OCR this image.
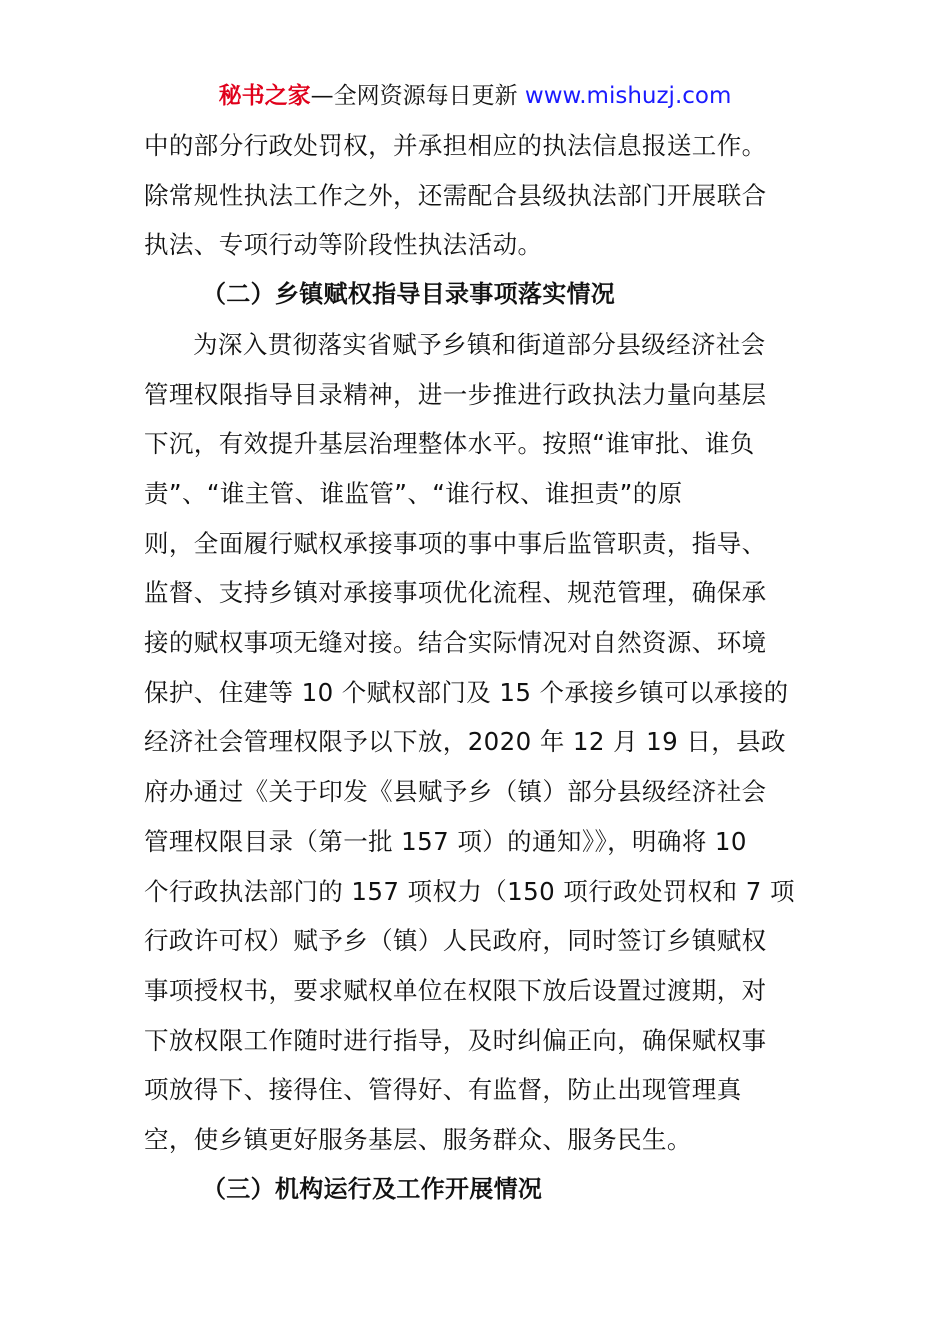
秘书之家—全网资源每日更新 www.mishuzj.com

中的部分行政处罚权，并承担相应的执法信息报送工作。
除常规性执法工作之外，还需配合县级执法部门开展联合
执法、专项行动等阶段性执法活动。

（二）乡镇赋权指导目录事项落实情况

为深入贯彻落实省赋予乡镇和街道部分县级经济社会
管理权限指导目录精神，进一步推进行政执法力量向基层
下沉，有效提升基层治理整体水平。按照“谁审批、谁负
责”、“谁主管、谁监管”、“谁行权、谁担责”的原
则，全面履行赋权承接事项的事中事后监管职责，指导、
监督、支持乡镇对承接事项优化流程、规范管理，确保承
接的赋权事项无缝对接。结合实际情况对自然资源、环境
保护、住建等 10 个赋权部门及 15 个承接乡镇可以承接的
经济社会管理权限予以下放，2020 年 12 月 19 日，县政
府办通过《关于印发《县赋予乡（镇）部分县级经济社会
管理权限目录（第一批 157 项）的通知》》，明确将 10
个行政执法部门的 157 项权力（150 项行政处罚权和 7 项
行政许可权）赋予乡（镇）人民政府，同时签订乡镇赋权
事项授权书，要求赋权单位在权限下放后设置过渡期，对
下放权限工作随时进行指导，及时纠偏正向，确保赋权事
项放得下、接得住、管得好、有监督，防止出现管理真
空，使乡镇更好服务基层、服务群众、服务民生。

（三）机构运行及工作开展情况
